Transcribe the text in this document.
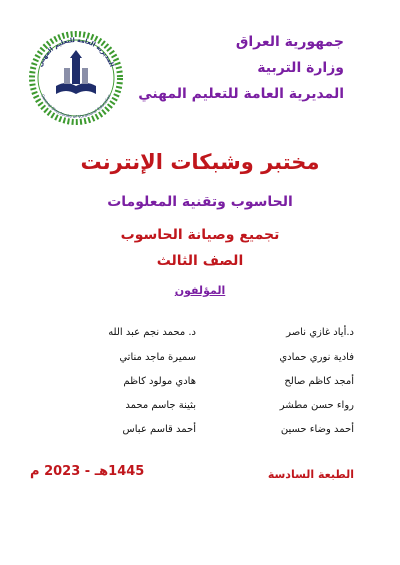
المديرية العامة للتعليم المهني
General Directorate of Vocational Education
جمهورية العراق
وزارة التربية
المديرية العامة للتعليم المهني
مختبر وشبكات الإنترنت
الحاسوب وتقنية المعلومات
تجميع وصيانة الحاسوب
الصف الثالث
المؤلفون
د.أياد غازي ناصر
فادية نوري حمادي
أمجد كاظم صالح
رواء حسن مطشر
أحمد وضاء حسين
د. محمد نجم عبد الله
سميرة ماجد مناتي
هادي مولود كاظم
بثينة جاسم محمد
أحمد قاسم عباس
الطبعة السادسة
1445هـ - 2023 م
